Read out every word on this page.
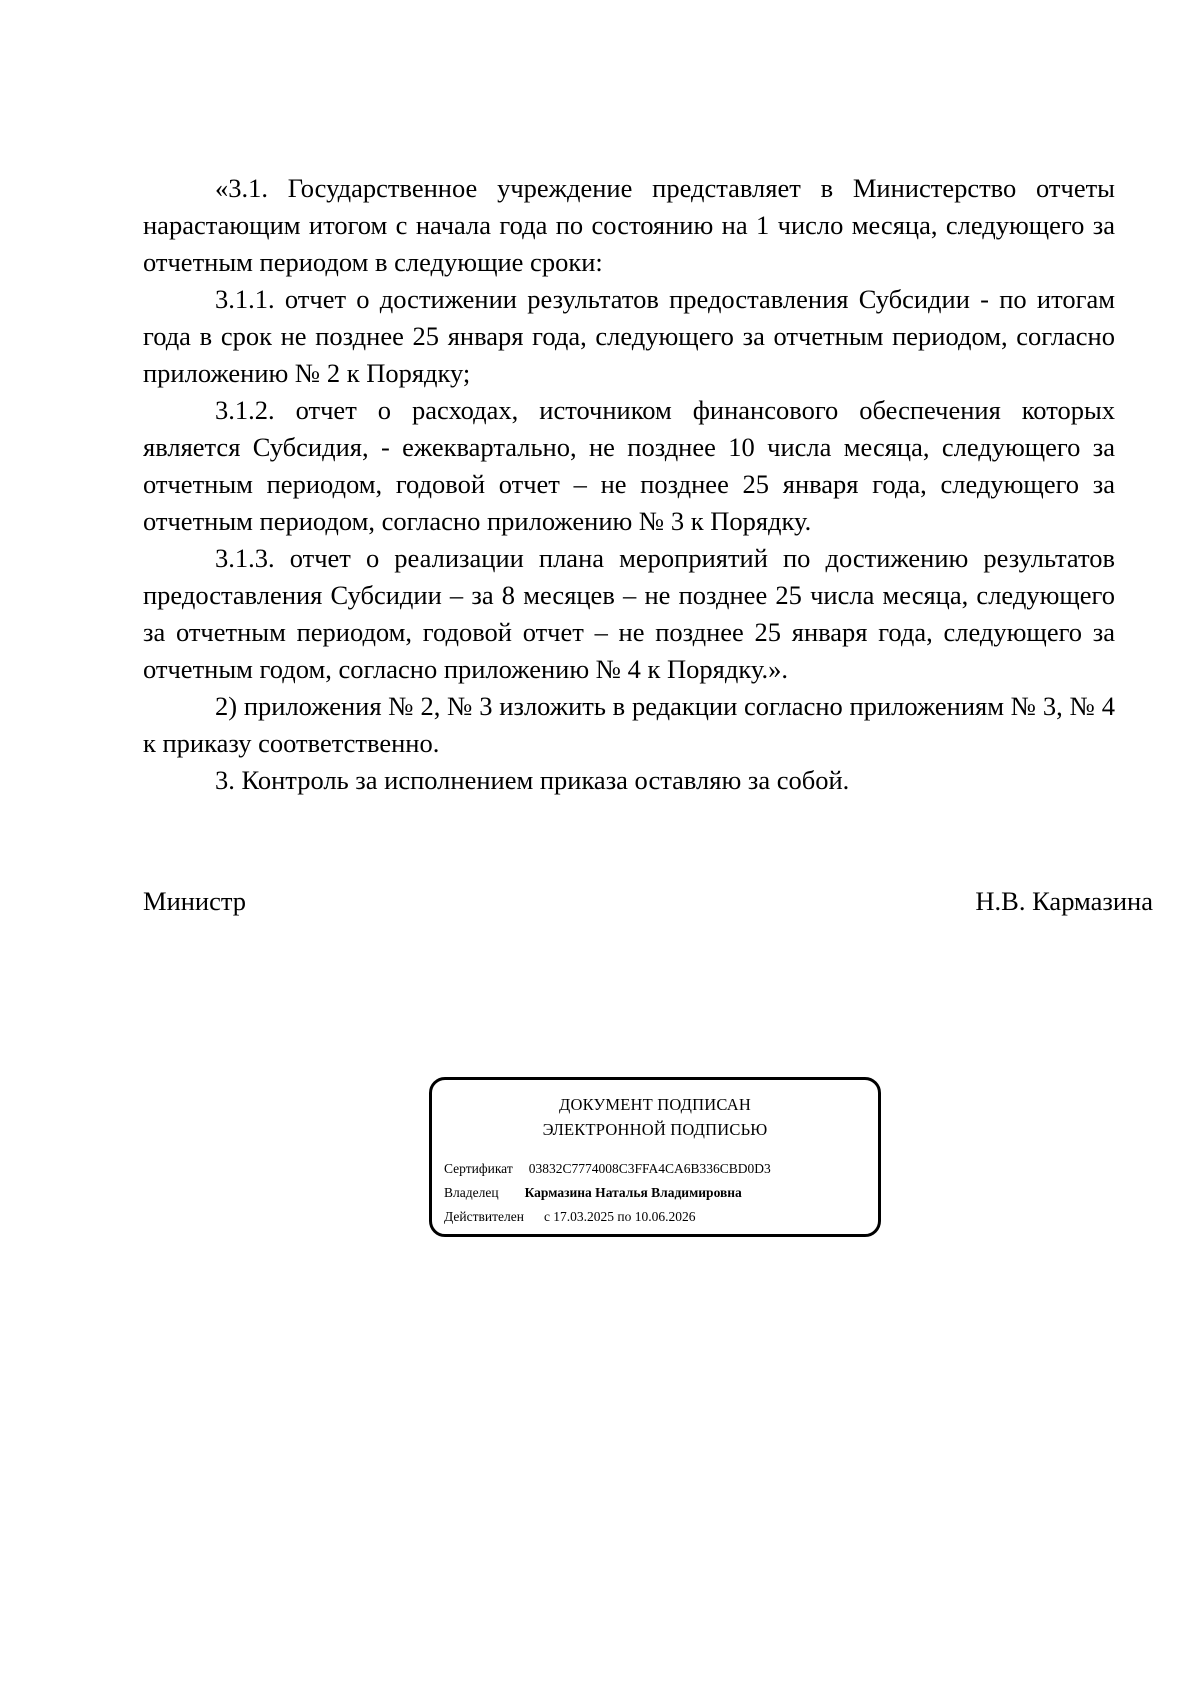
«3.1. Государственное учреждение представляет в Министерство отчеты нарастающим итогом с начала года по состоянию на 1 число месяца, следующего за отчетным периодом в следующие сроки:

3.1.1. отчет о достижении результатов предоставления Субсидии - по итогам года в срок не позднее 25 января года, следующего за отчетным периодом, согласно приложению № 2 к Порядку;

3.1.2. отчет о расходах, источником финансового обеспечения которых является Субсидия, - ежеквартально, не позднее 10 числа месяца, следующего за отчетным периодом, годовой отчет – не позднее 25 января года, следующего за отчетным периодом, согласно приложению № 3 к Порядку.

3.1.3. отчет о реализации плана мероприятий по достижению результатов предоставления Субсидии – за 8 месяцев – не позднее 25 числа месяца, следующего за отчетным периодом, годовой отчет – не позднее 25 января года, следующего за отчетным годом, согласно приложению № 4 к Порядку.».

2) приложения № 2, № 3 изложить в редакции согласно приложениям № 3, № 4 к приказу соответственно.

3. Контроль за исполнением приказа оставляю за собой.

Министр	Н.В. Кармазина
ДОКУМЕНТ ПОДПИСАН
ЭЛЕКТРОННОЙ ПОДПИСЬЮ
Сертификат 03832C7774008C3FFA4CA6B336CBD0D3
Владелец Кармазина Наталья Владимировна
Действителен с 17.03.2025 по 10.06.2026
